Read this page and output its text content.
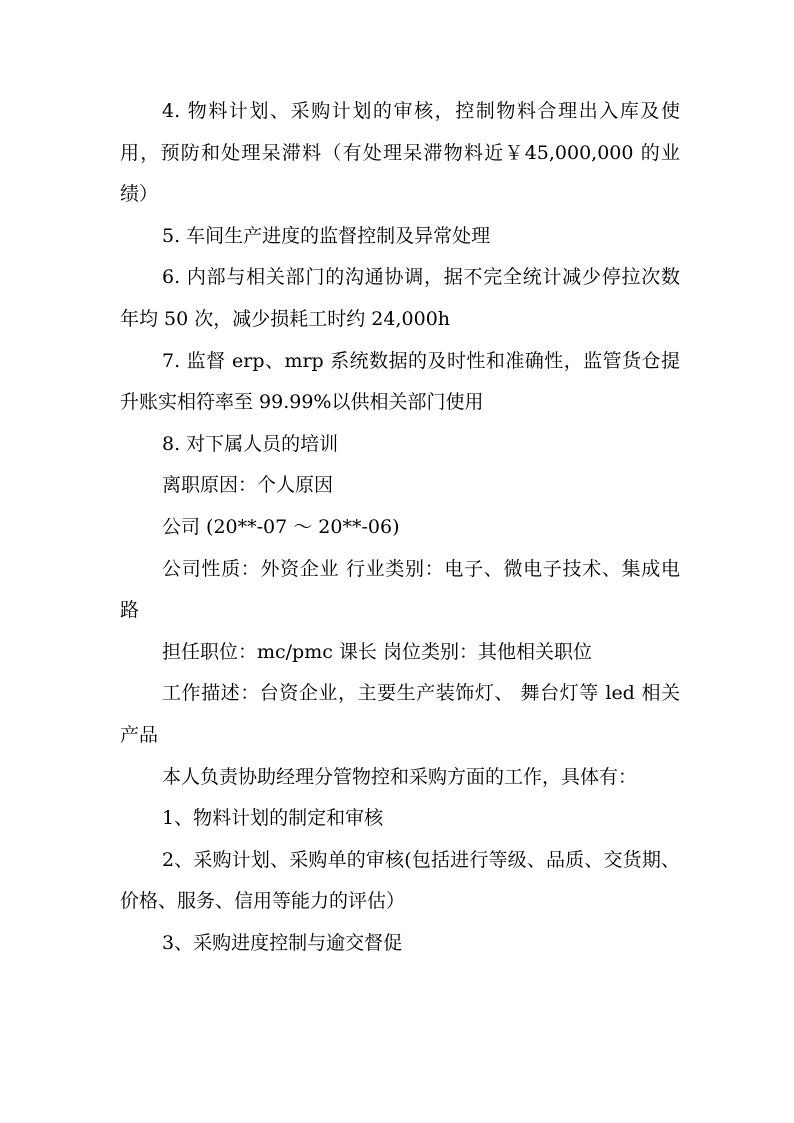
4. 物料计划、采购计划的审核，控制物料合理出入库及使用，预防和处理呆滞料（有处理呆滞物料近￥45,000,000 的业绩）

5. 车间生产进度的监督控制及异常处理

6. 内部与相关部门的沟通协调，据不完全统计减少停拉次数年均 50 次，减少损耗工时约 24,000h

7. 监督 erp、mrp 系统数据的及时性和准确性，监管货仓提升账实相符率至 99.99%以供相关部门使用

8. 对下属人员的培训

离职原因：个人原因

公司 (20**-07 ～ 20**-06)

公司性质：外资企业 行业类别：电子、微电子技术、集成电路

担任职位：mc/pmc 课长 岗位类别：其他相关职位

工作描述：台资企业，主要生产装饰灯、 舞台灯等 led 相关产品

本人负责协助经理分管物控和采购方面的工作，具体有：

1、物料计划的制定和审核

2、采购计划、采购单的审核(包括进行等级、品质、交货期、价格、服务、信用等能力的评估）

3、采购进度控制与逾交督促
